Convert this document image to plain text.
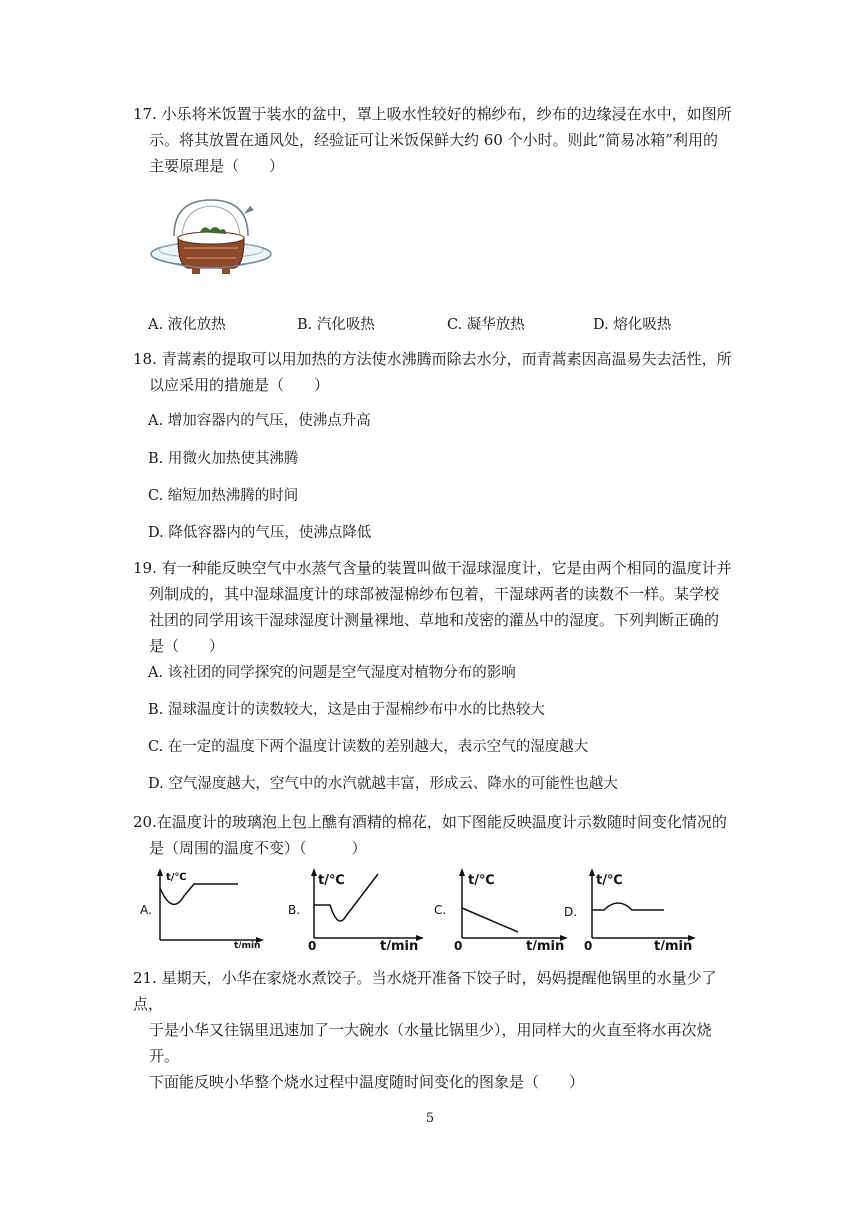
17. 小乐将米饭置于装水的盆中，罩上吸水性较好的棉纱布，纱布的边缘浸在水中，如图所
示。将其放置在通风处，经验证可让米饭保鲜大约 60 个小时。则此“简易冰箱”利用的
主要原理是（　　）
A. 液化放热	B. 汽化吸热	C. 凝华放热	D. 熔化吸热
18. 青蒿素的提取可以用加热的方法使水沸腾而除去水分，而青蒿素因高温易失去活性，所
以应采用的措施是（　　）
A. 增加容器内的气压，使沸点升高
B. 用微火加热使其沸腾
C. 缩短加热沸腾的时间
D. 降低容器内的气压，使沸点降低
19. 有一种能反映空气中水蒸气含量的装置叫做干湿球湿度计，它是由两个相同的温度计并
列制成的，其中湿球温度计的球部被湿棉纱布包着，干湿球两者的读数不一样。某学校
社团的同学用该干湿球湿度计测量裸地、草地和茂密的灌丛中的湿度。下列判断正确的
是（　　）
A. 该社团的同学探究的问题是空气湿度对植物分布的影响
B. 湿球温度计的读数较大，这是由于湿棉纱布中水的比热较大
C. 在一定的温度下两个温度计读数的差别越大，表示空气的湿度越大
D. 空气湿度越大，空气中的水汽就越丰富，形成云、降水的可能性也越大
20.在温度计的玻璃泡上包上醮有酒精的棉花，如下图能反映温度计示数随时间变化情况的
是（周围的温度不变）（　　　）
A.
t/℃
t/min
B.
t/℃
0	t/min
C.
t/℃
0	t/min
D.
t/℃
0	t/min
21. 星期天，小华在家烧水煮饺子。当水烧开准备下饺子时，妈妈提醒他锅里的水量少了点，
于是小华又往锅里迅速加了一大碗水（水量比锅里少），用同样大的火直至将水再次烧开。
下面能反映小华整个烧水过程中温度随时间变化的图象是（　　）
5
